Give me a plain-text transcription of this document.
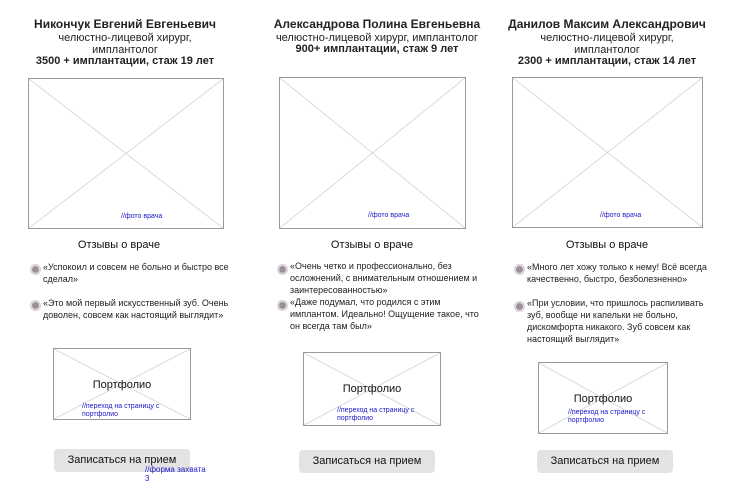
Никончук Евгений Евгеньевич
челюстно-лицевой хирург,
имплантолог
3500 + имплантации, стаж 19 лет
//фото врача
Отзывы о враче
«Успокоил и совсем не больно и быстро все сделал»
«Это мой первый искусственный зуб. Очень доволен, совсем как настоящий выглядит»
Портфолио
//переход на страницу с портфолио
Записаться на прием
//форма захвата 3
Александрова Полина Евгеньевна
челюстно-лицевой хирург, имплантолог
900+ имплантации, стаж 9 лет
//фото врача
Отзывы о враче
«Очень четко и профессионально, без осложнений, с внимательным отношением и заинтересованностью»
«Даже подумал, что родился с этим имплантом. Идеально! Ощущение такое, что он всегда там был»
Портфолио
//переход на страницу с портфолио
Записаться на прием
Данилов Максим Александрович
челюстно-лицевой хирург,
имплантолог
2300 + имплантации, стаж 14 лет
//фото врача
Отзывы о враче
«Много лет хожу только к нему! Всё всегда качественно, быстро, безболезненно»
«При условии, что пришлось распиливать зуб, вообще ни капельки не больно, дискомфорта никакого. Зуб совсем как настоящий выглядит»
Портфолио
//переход на страницу с портфолио
Записаться на прием
